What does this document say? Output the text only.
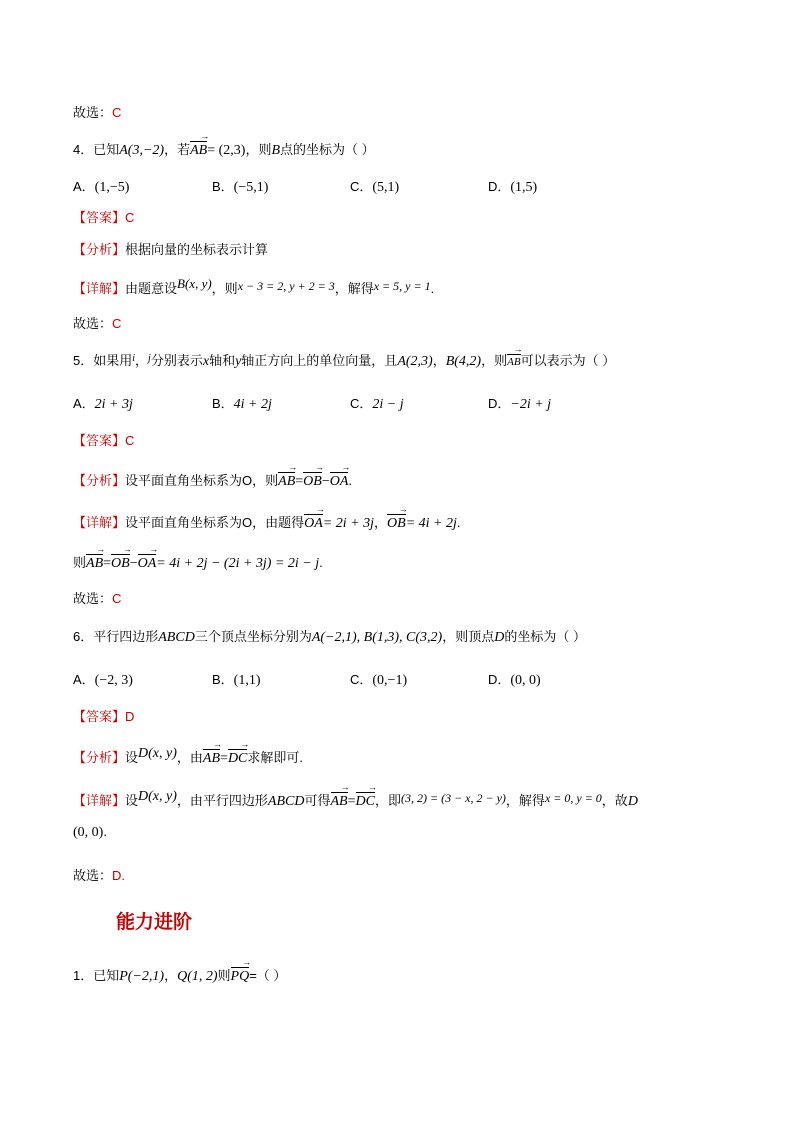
故选：C
4．已知A(3,−2)，若AB →= (2,3)，则B点的坐标为（ ）
A．(1,−5)	B．(−5,1)	C．(5,1)	D．(1,5)
【答案】C
【分析】根据向量的坐标表示计算
【详解】由题意设B(x, y)，则x − 3 = 2, y + 2 = 3，解得x = 5, y = 1.
故选：C
5．如果用$^i$，$^j$分别表示x轴和y轴正方向上的单位向量，且A(2,3)，B(4,2)，则AB →可以表示为（ ）
A．2i + 3j	B．4i + 2j	C．2i − j	D．−2i + j
【答案】C
【分析】设平面直角坐标系为O，则AB →=OB →−OA →.
【详解】设平面直角坐标系为O，由题得OA →= 2i + 3j，OB →= 4i + 2j.
则AB →=OB →−OA →= 4i + 2j − (2i + 3j) = 2i − j.
故选：C
6．平行四边形ABCD三个顶点坐标分别为A(−2,1), B(1,3), C(3,2)，则顶点D的坐标为（ ）
A．(−2, 3)	B．(1,1)	C．(0,−1)	D．(0, 0)
【答案】D
【分析】设D(x, y)，由AB →=DC →求解即可.
【详解】设D(x, y)，由平行四边形ABCD可得AB →=DC →，即(3, 2) = (3 − x, 2 − y)，解得x = 0, y = 0，故D
(0, 0).
故选：D.
能力进阶
1．已知P(−2,1)，Q(1, 2)则PQ →=（ ）
